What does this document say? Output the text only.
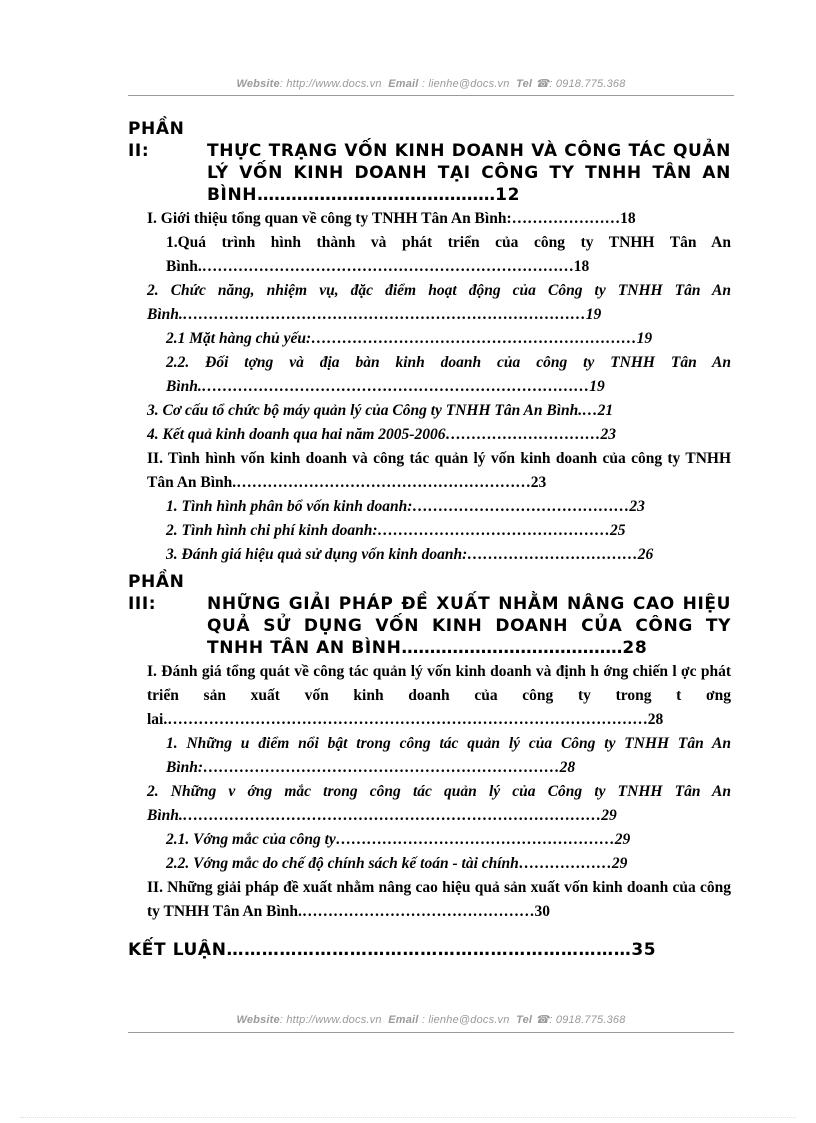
Website: http://www.docs.vn Email : lienhe@docs.vn Tel ☎: 0918.775.368
PHẦN II:	THỰC TRẠNG VỐN KINH DOANH VÀ CÔNG TÁC QUẢN LÝ VỐN KINH DOANH TẠI CÔNG TY TNHH TÂN AN BÌNH……………………………………12
I. Giới thiệu tổng quan về công ty TNHH Tân An Bình:…………………18
1.Quá trình hình thành và phát triển của công ty TNHH Tân An Bình.………………………………………………………………18
2. Chức năng, nhiệm vụ, đặc điểm hoạt động của Công ty TNHH Tân An Bình.……………………………………………………………………19
2.1 Mặt hàng chủ yếu:………………………………………………………19
2.2. Đối tợng và địa bàn kinh doanh của công ty TNHH Tân An Bình.…………………………………………………………………19
3. Cơ cấu tổ chức bộ máy quản lý của Công ty TNHH Tân An Bình.…21
4. Kết quả kinh doanh qua hai năm 2005-2006…………………………23
II. Tình hình vốn kinh doanh và công tác quản lý vốn kinh doanh của công ty TNHH Tân An Bình.…………………………………………………23
1. Tình hình phân bổ vốn kinh doanh:……………………………………23
2. Tình hình chi phí kinh doanh:………………………………………25
3. Đánh giá hiệu quả sử dụng vốn kinh doanh:……………………………26
PHẦN III:	NHỮNG GIẢI PHÁP ĐỀ XUẤT NHẰM NÂNG CAO HIỆU QUẢ SỬ DỤNG VỐN KINH DOANH CỦA CÔNG TY TNHH TÂN AN BÌNH…………………………………28
I. Đánh giá tổng quát về công tác quản lý vốn kinh doanh và định h ớng chiến l ợc phát triển sản xuất vốn kinh doanh của công ty trong t ơng lai.…………………………………………………………………………………28
1. Những u điểm nổi bật trong công tác quản lý của Công ty TNHH Tân An Bình:……………………………………………………………28
2. Những v ớng mắc trong công tác quản lý của Công ty TNHH Tân An Bình.………………………………………………………………………29
2.1. Vớng mắc của công ty………………………………………………29
2.2. Vớng mắc do chế độ chính sách kế toán - tài chính………………29
II. Những giải pháp đề xuất nhằm nâng cao hiệu quả sản xuất vốn kinh doanh của công ty TNHH Tân An Bình.………………………………………30
KẾT LUẬN……………………………………………………………35
Website: http://www.docs.vn Email : lienhe@docs.vn Tel ☎: 0918.775.368
